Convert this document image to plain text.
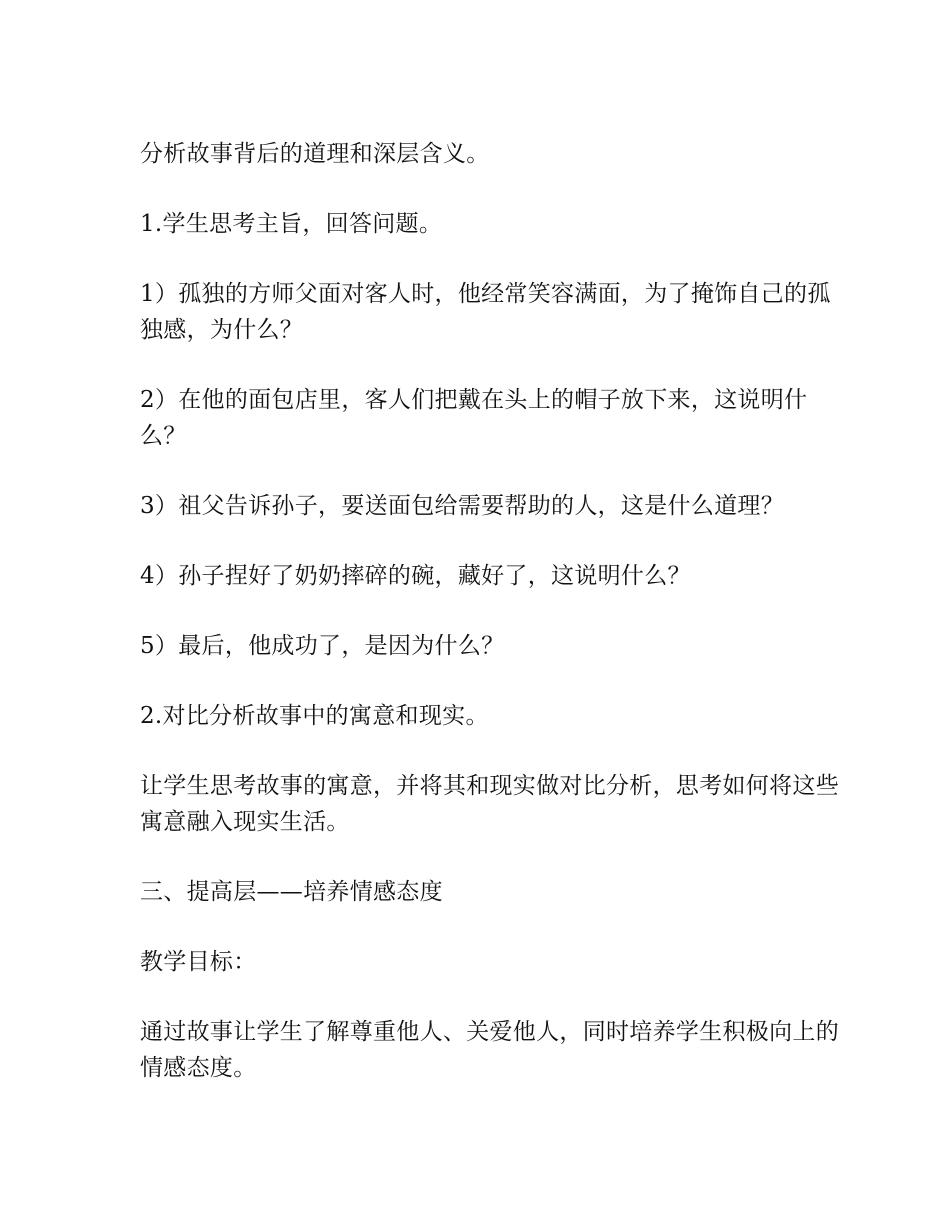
分析故事背后的道理和深层含义。

1.学生思考主旨，回答问题。

1）孤独的方师父面对客人时，他经常笑容满面，为了掩饰自己的孤独感，为什么？

2）在他的面包店里，客人们把戴在头上的帽子放下来，这说明什么？

3）祖父告诉孙子，要送面包给需要帮助的人，这是什么道理？

4）孙子捏好了奶奶摔碎的碗，藏好了，这说明什么？

5）最后，他成功了，是因为什么？

2.对比分析故事中的寓意和现实。

让学生思考故事的寓意，并将其和现实做对比分析，思考如何将这些寓意融入现实生活。

三、提高层——培养情感态度

教学目标：

通过故事让学生了解尊重他人、关爱他人，同时培养学生积极向上的情感态度。
